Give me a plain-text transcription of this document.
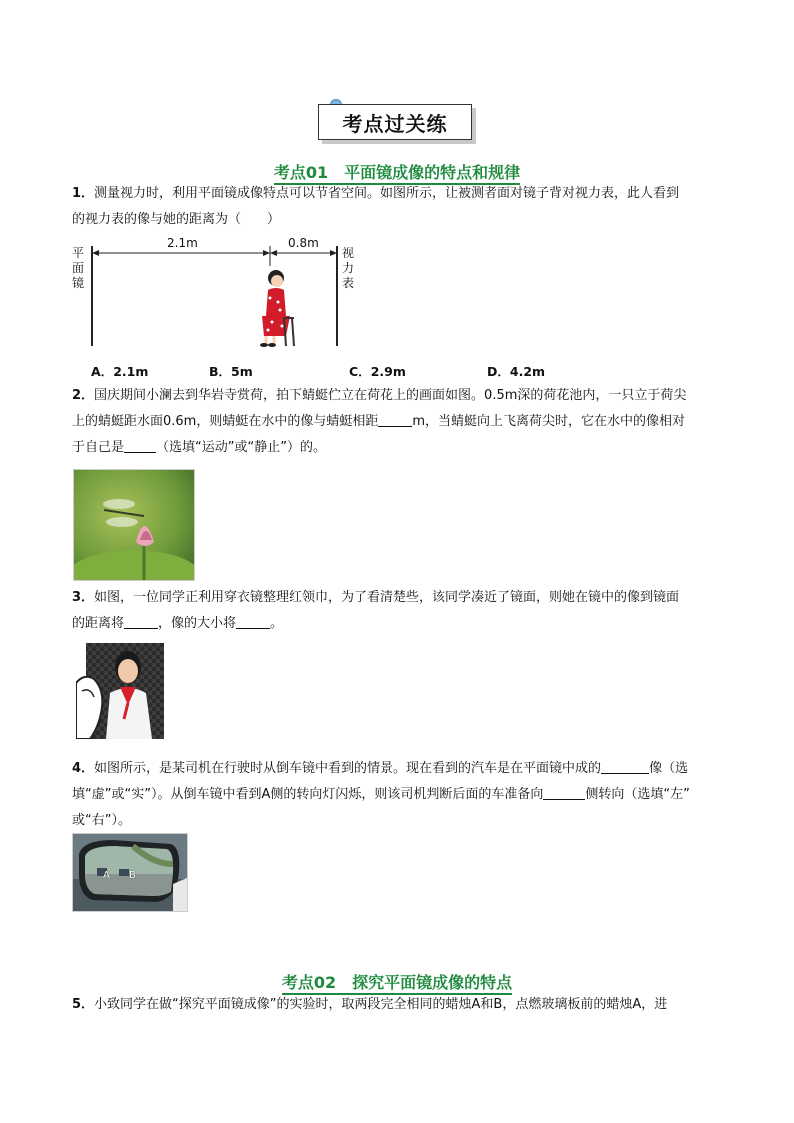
考点过关练
考点01　平面镜成像的特点和规律
1．测量视力时，利用平面镜成像特点可以节省空间。如图所示，让被测者面对镜子背对视力表，此人看到
的视力表的像与她的距离为（　　）
平面镜
视力表
2.1m	0.8m
A．2.1m	B．5m	C．2.9m	D．4.2m
2．国庆期间小澜去到华岩寺赏荷，拍下蜻蜓伫立在荷花上的画面如图。0.5m深的荷花池内，一只立于荷尖
上的蜻蜓距水面0.6m，则蜻蜓在水中的像与蜻蜓相距	m，当蜻蜓向上飞离荷尖时，它在水中的像相对
于自己是 （选填“运动”或“静止”）的。
3．如图，一位同学正利用穿衣镜整理红领巾，为了看清楚些，该同学凑近了镜面，则她在镜中的像到镜面
的距离将	，像的大小将	。
4．如图所示，是某司机在行驶时从倒车镜中看到的情景。现在看到的汽车是在平面镜中成的	像（选
填“虚”或“实”）。从倒车镜中看到A侧的转向灯闪烁，则该司机判断后面的车准备向	侧转向（选填“左”
或“右”）。
A B
考点02　探究平面镜成像的特点
5．小致同学在做“探究平面镜成像”的实验时，取两段完全相同的蜡烛A和B，点燃玻璃板前的蜡烛A，进
